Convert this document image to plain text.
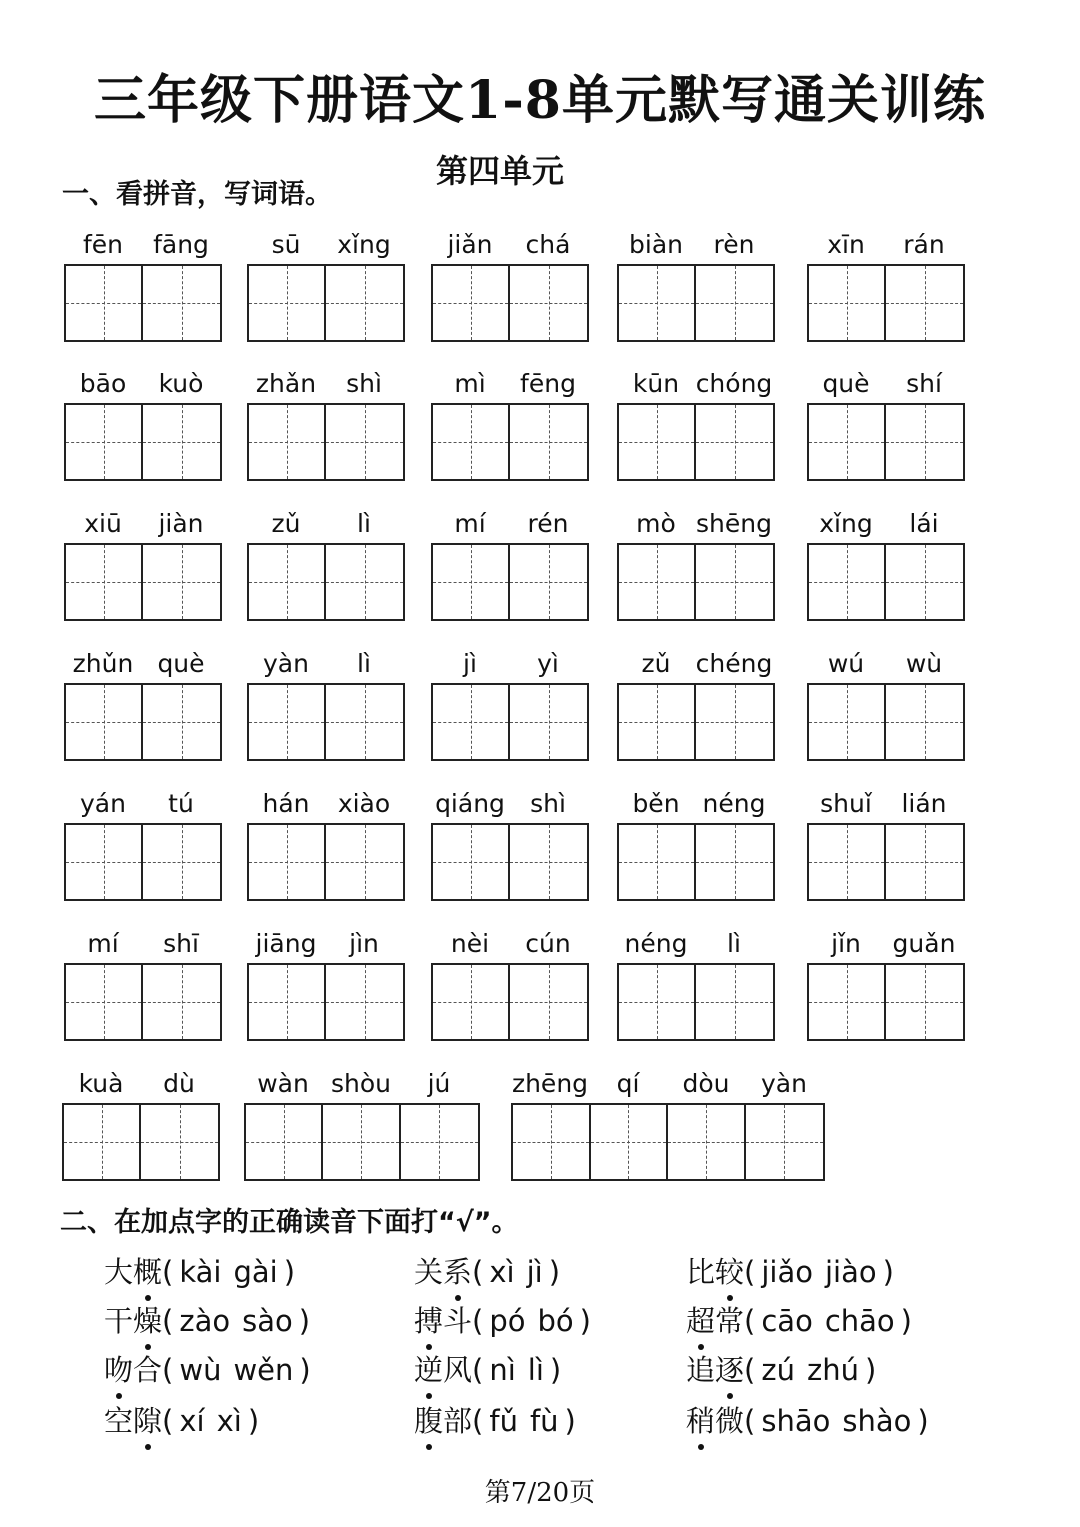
三年级下册语文1-8单元默写通关训练
第四单元
一、看拼音，写词语。
fēn	fāng	sū	xǐng	jiǎn	chá	biàn	rèn	xīn	rán
bāo	kuò	zhǎn	shì	mì	fēng	kūn chóng	què	shí
xiū	jiàn	zǔ	lì	mí	rén	mò shēng	xǐng	lái
zhǔn què	yàn	lì	jì	yì	zǔ	chéng	wú	wù
yán	tú	hán	xiào	qiáng	shì	běn néng	shuǐ	lián
mí	shī	jiāng	jìn	nèi	cún	néng	lì	jǐn	guǎn
kuà	dù	wàn shòu	jú	zhēng	qí	dòu	yàn
二、在加点字的正确读音下面打“√”。
大概( kài gài )	关系( xì jì )	比较( jiǎo jiào )
干燥( zào sào )	搏斗( pó bó )	超常( cāo chāo )
吻合( wù wěn )	逆风( nì lì )	追逐( zú zhú )
空隙( xí xì )	腹部( fǔ fù )	稍微( shāo shào )
第7/20页
